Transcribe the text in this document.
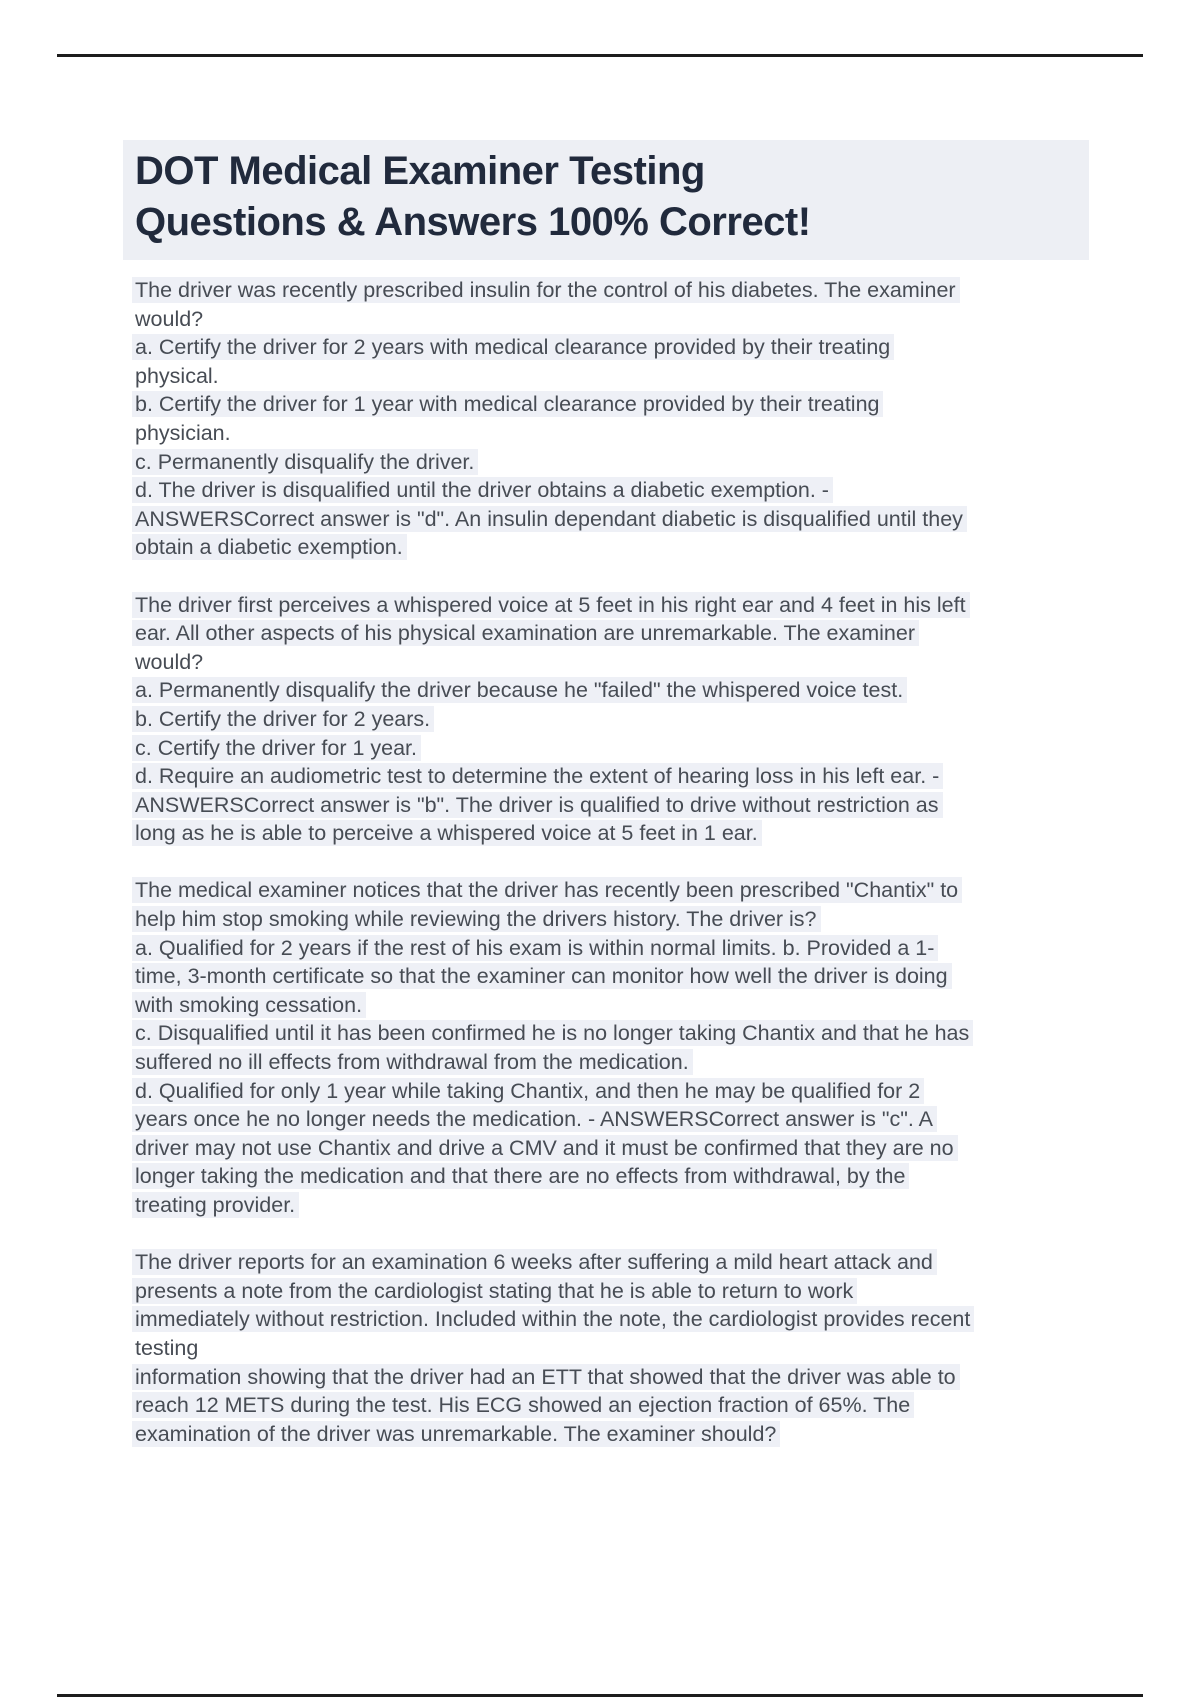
DOT Medical Examiner Testing
Questions & Answers 100% Correct!
The driver was recently prescribed insulin for the control of his diabetes. The examiner
would?
a. Certify the driver for 2 years with medical clearance provided by their treating
physical.
b. Certify the driver for 1 year with medical clearance provided by their treating
physician.
c. Permanently disqualify the driver.
d. The driver is disqualified until the driver obtains a diabetic exemption. -
ANSWERSCorrect answer is "d". An insulin dependant diabetic is disqualified until they
obtain a diabetic exemption.
The driver first perceives a whispered voice at 5 feet in his right ear and 4 feet in his left
ear. All other aspects of his physical examination are unremarkable. The examiner
would?
a. Permanently disqualify the driver because he "failed" the whispered voice test.
b. Certify the driver for 2 years.
c. Certify the driver for 1 year.
d. Require an audiometric test to determine the extent of hearing loss in his left ear. -
ANSWERSCorrect answer is "b". The driver is qualified to drive without restriction as
long as he is able to perceive a whispered voice at 5 feet in 1 ear.
The medical examiner notices that the driver has recently been prescribed "Chantix" to
help him stop smoking while reviewing the drivers history. The driver is?
a. Qualified for 2 years if the rest of his exam is within normal limits. b. Provided a 1-
time, 3-month certificate so that the examiner can monitor how well the driver is doing
with smoking cessation.
c. Disqualified until it has been confirmed he is no longer taking Chantix and that he has
suffered no ill effects from withdrawal from the medication.
d. Qualified for only 1 year while taking Chantix, and then he may be qualified for 2
years once he no longer needs the medication. - ANSWERSCorrect answer is "c". A
driver may not use Chantix and drive a CMV and it must be confirmed that they are no
longer taking the medication and that there are no effects from withdrawal, by the
treating provider.
The driver reports for an examination 6 weeks after suffering a mild heart attack and
presents a note from the cardiologist stating that he is able to return to work
immediately without restriction. Included within the note, the cardiologist provides recent
testing
information showing that the driver had an ETT that showed that the driver was able to
reach 12 METS during the test. His ECG showed an ejection fraction of 65%. The
examination of the driver was unremarkable. The examiner should?
